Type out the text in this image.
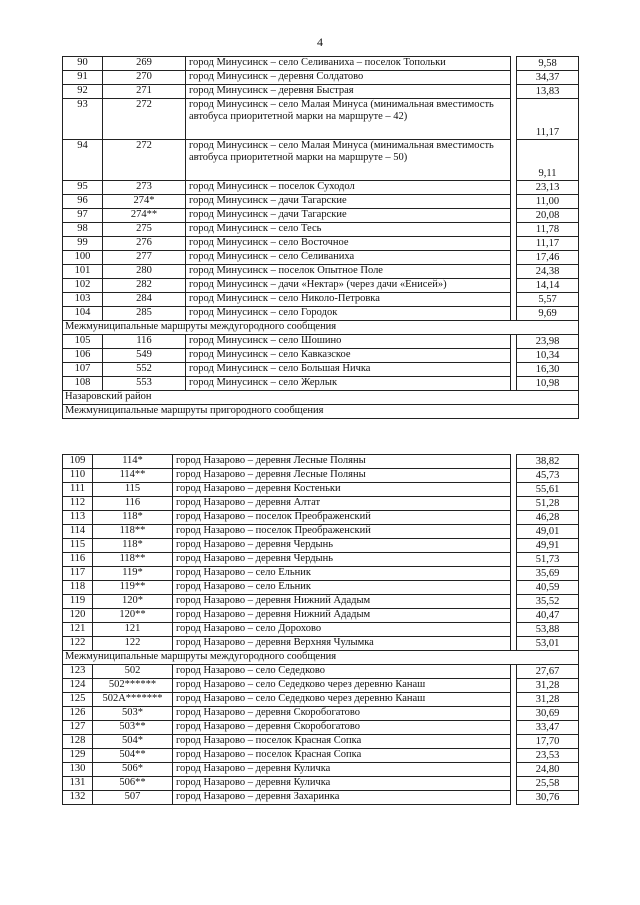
4
90	269	город Минусинск – село Селиваниха – поселок Топольки		9,58
91	270	город Минусинск – деревня Солдатово		34,37
92	271	город Минусинск – деревня Быстрая		13,83
93	272	город Минусинск – село Малая Минуса (минимальная вместимость автобуса приоритетной марки на маршруте – 42)		11,17
94	272	город Минусинск – село Малая Минуса (минимальная вместимость автобуса приоритетной марки на маршруте – 50)		9,11
95	273	город Минусинск – поселок Суходол		23,13
96	274*	город Минусинск – дачи Тагарские		11,00
97	274**	город Минусинск – дачи Тагарские		20,08
98	275	город Минусинск – село Тесь		11,78
99	276	город Минусинск – село Восточное		11,17
100	277	город Минусинск – село Селиваниха		17,46
101	280	город Минусинск – поселок Опытное Поле		24,38
102	282	город Минусинск – дачи «Нектар» (через дачи «Енисей»)		14,14
103	284	город Минусинск – село Николо-Петровка		5,57
104	285	город Минусинск – село Городок		9,69
Межмуниципальные маршруты междугородного сообщения				
105	116	город Минусинск – село Шошино		23,98
106	549	город Минусинск – село Кавказское		10,34
107	552	город Минусинск – село Большая Ничка		16,30
108	553	город Минусинск – село Жерлык		10,98
Назаровский район				
Межмуниципальные маршруты пригородного сообщения				
109	114*	город Назарово – деревня Лесные Поляны		38,82
110	114**	город Назарово – деревня Лесные Поляны		45,73
111	115	город Назарово – деревня Костеньки		55,61
112	116	город Назарово – деревня Алтат		51,28
113	118*	город Назарово – поселок Преображенский		46,28
114	118**	город Назарово – поселок Преображенский		49,01
115	118*	город Назарово – деревня Чердынь		49,91
116	118**	город Назарово – деревня Чердынь		51,73
117	119*	город Назарово – село Ельник		35,69
118	119**	город Назарово – село Ельник		40,59
119	120*	город Назарово – деревня Нижний Ададым		35,52
120	120**	город Назарово – деревня Нижний Ададым		40,47
121	121	город Назарово – село Дорохово		53,88
122	122	город Назарово – деревня Верхняя Чулымка		53,01
Межмуниципальные маршруты междугородного сообщения				
123	502	город Назарово – село Седедково		27,67
124	502******	город Назарово – село Седедково через деревню Канаш		31,28
125	502А*******	город Назарово – село Седедково через деревню Канаш		31,28
126	503*	город Назарово – деревня Скоробогатово		30,69
127	503**	город Назарово – деревня Скоробогатово		33,47
128	504*	город Назарово – поселок Красная Сопка		17,70
129	504**	город Назарово – поселок Красная Сопка		23,53
130	506*	город Назарово – деревня Куличка		24,80
131	506**	город Назарово – деревня Куличка		25,58
132	507	город Назарово – деревня Захаринка		30,76
